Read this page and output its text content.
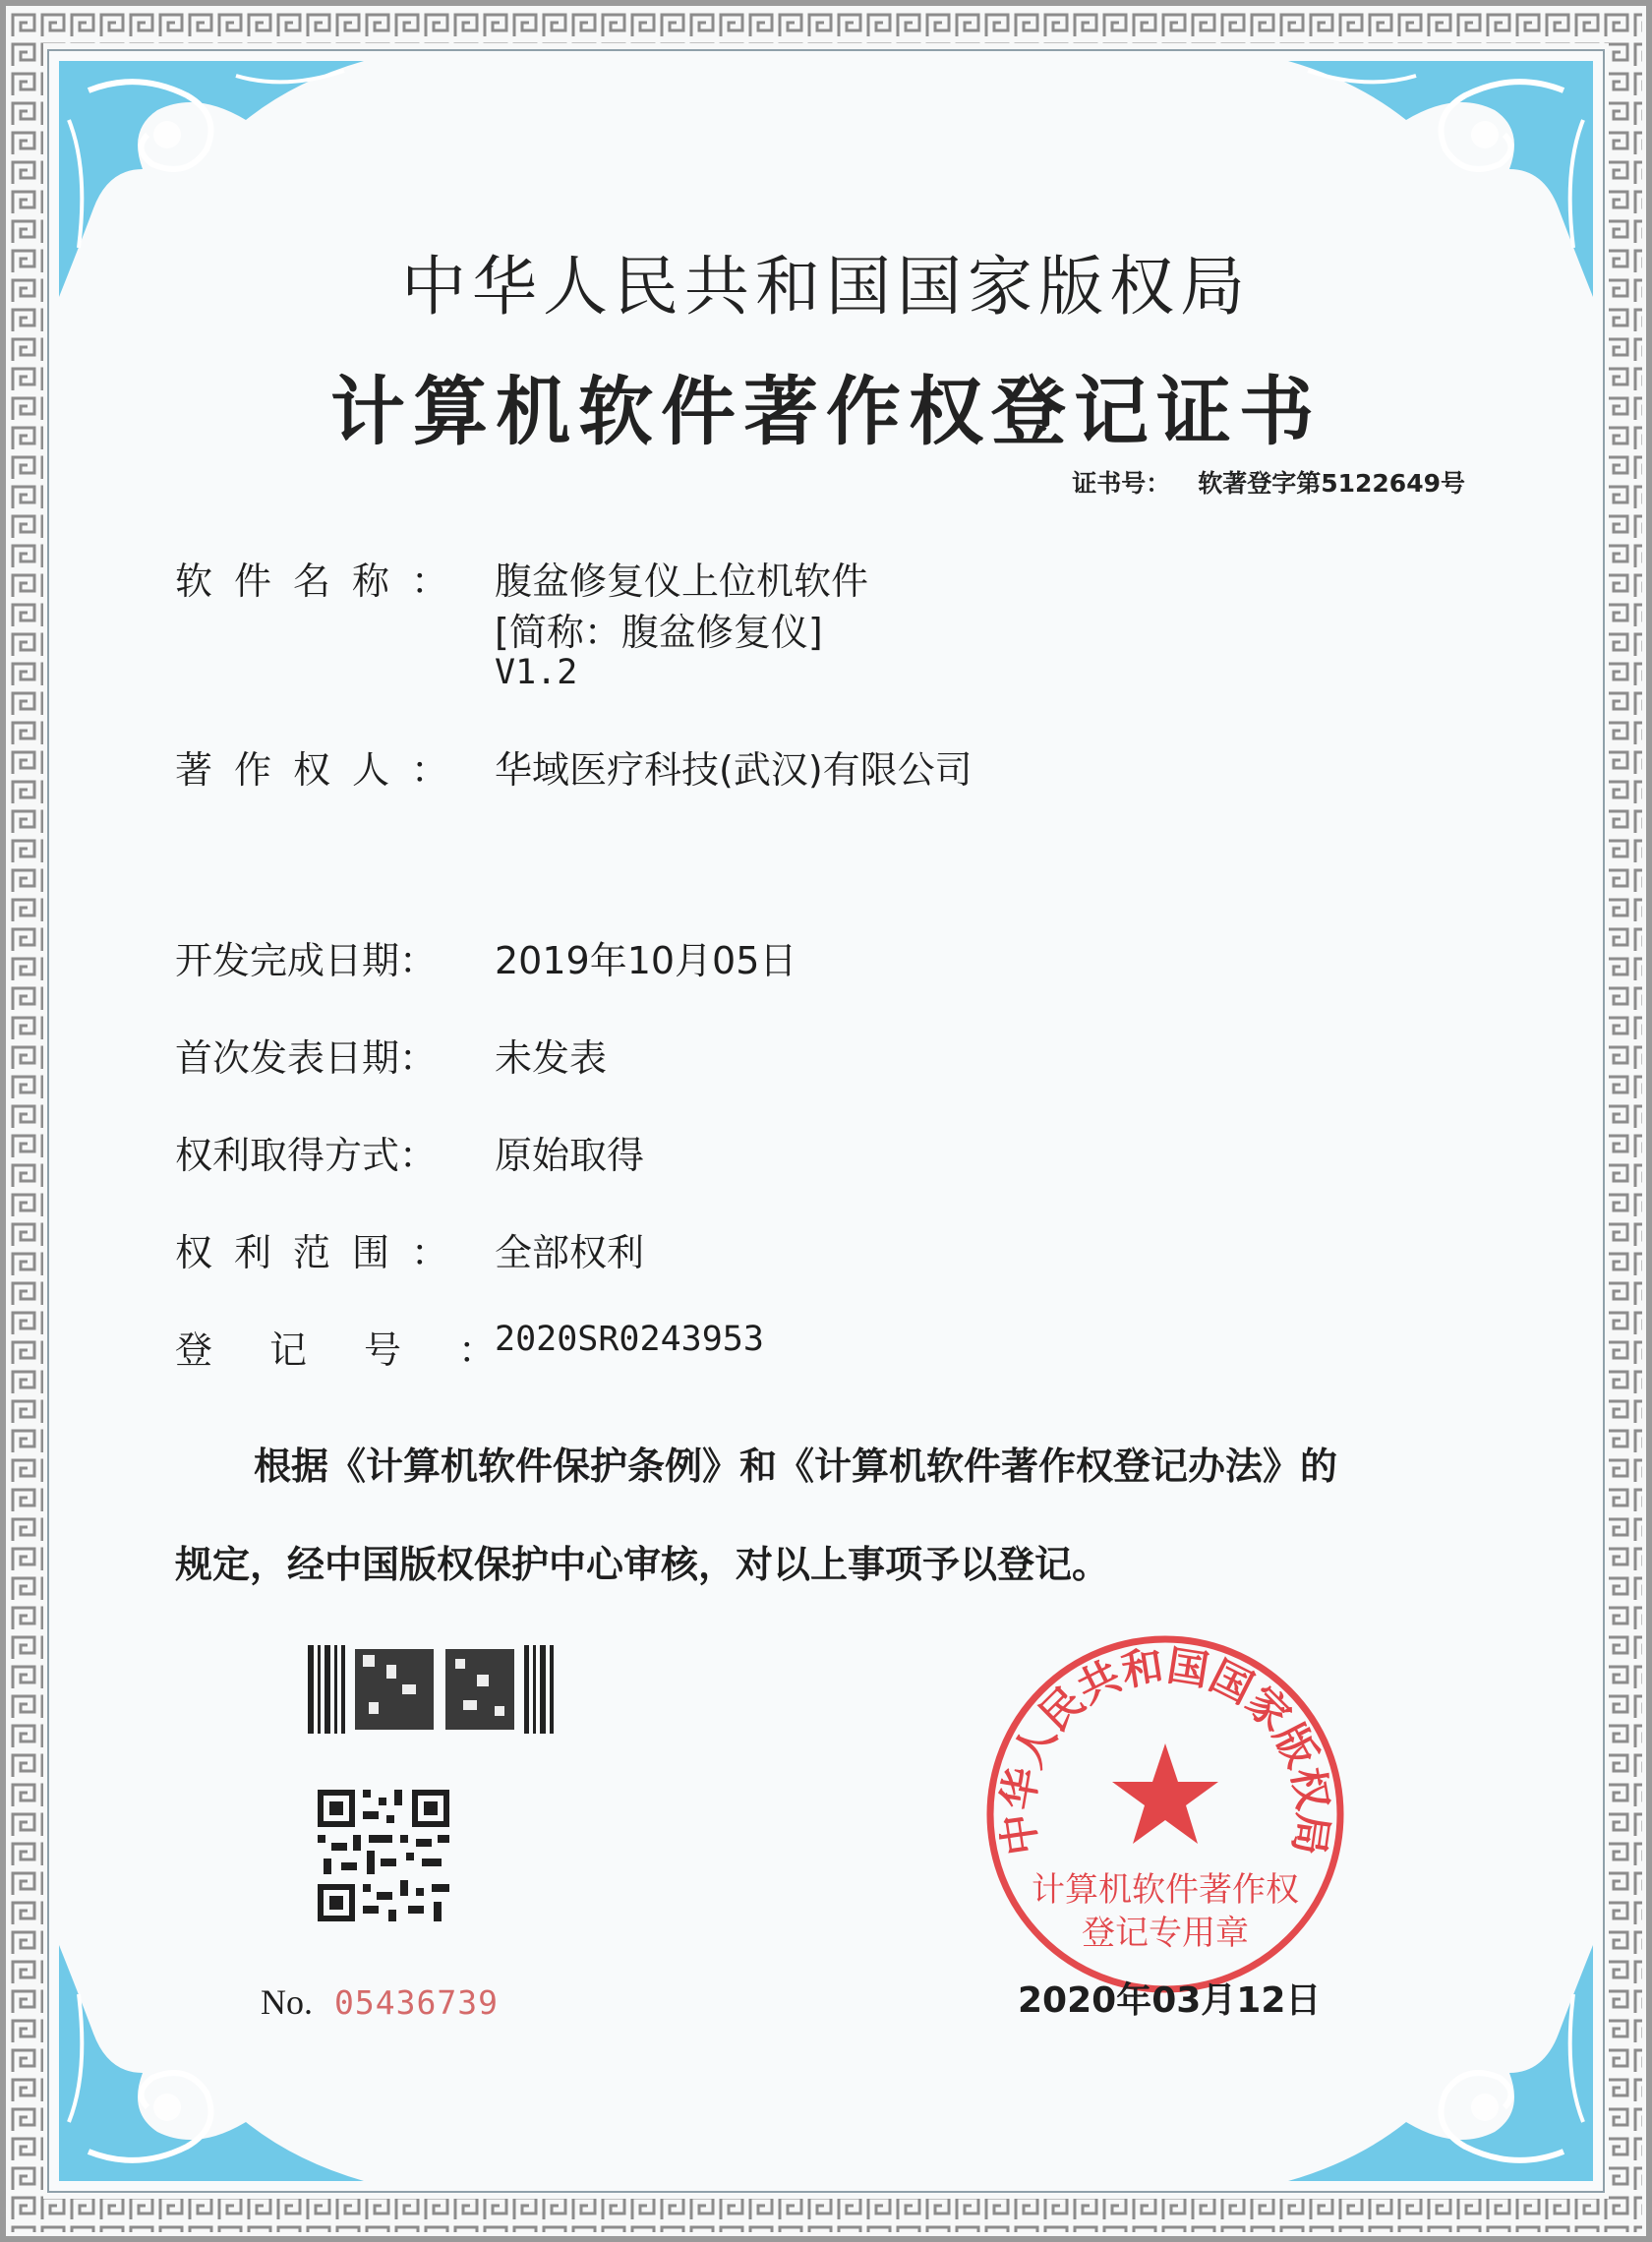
中华人民共和国国家版权局
计算机软件著作权登记证书
证书号： 软著登字第5122649号
软件名称： 腹盆修复仪上位机软件
[简称：腹盆修复仪]
V1.2
著作权人： 华域医疗科技(武汉)有限公司
开发完成日期：	2019年10月05日
首次发表日期：	未发表
权利取得方式：	原始取得
权利范围： 全部权利
登记号：
2020SR0243953
根据《计算机软件保护条例》和《计算机软件著作权登记办法》的
规定，经中国版权保护中心审核，对以上事项予以登记。
No. 05436739
中华人民共和国国家版权局
计算机软件著作权
登记专用章
2020年03月12日
